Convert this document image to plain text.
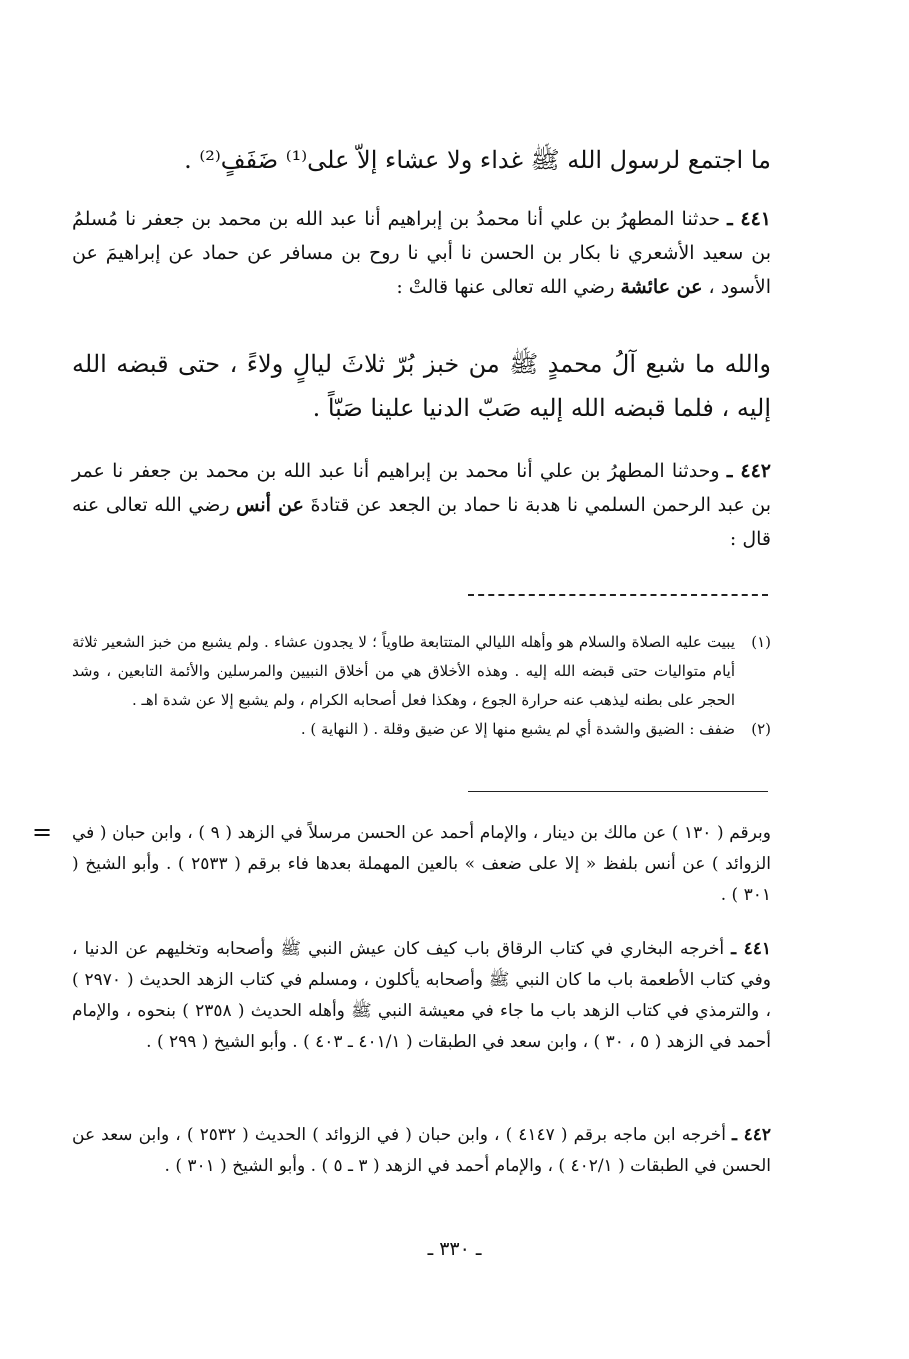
ما اجتمع لرسول الله ﷺ غداء ولا عشاء إلاّ على⁽¹⁾ ضَفَفٍ⁽²⁾ .
٤٤١ ـ حدثنا المطهرُ بن علي أنا محمدُ بن إبراهيم أنا عبد الله بن محمد بن جعفر نا مُسلمُ بن سعيد الأشعري نا بكار بن الحسن نا أبي نا روح بن مسافر عن حماد عن إبراهيمَ عن الأسود ، عن عائشة رضي الله تعالى عنها قالتْ :
والله ما شبع آلُ محمدٍ ﷺ من خبز بُرّ ثلاثَ ليالٍ ولاءً ، حتى قبضه الله إليه ، فلما قبضه الله إليه صَبّ الدنيا علينا صَبّاً .
٤٤٢ ـ وحدثنا المطهرُ بن علي أنا محمد بن إبراهيم أنا عبد الله بن محمد بن جعفر نا عمر بن عبد الرحمن السلمي نا هدبة نا حماد بن الجعد عن قتادةَ عن أنس رضي الله تعالى عنه قال :
(١)
يبيت عليه الصلاة والسلام هو وأهله الليالي المتتابعة طاوياً ؛ لا يجدون عشاء . ولم يشبع من خبز الشعير ثلاثة أيام متواليات حتى قبضه الله إليه . وهذه الأخلاق هي من أخلاق النبيين والمرسلين والأئمة التابعين ، وشد الحجر على بطنه ليذهب عنه حرارة الجوع ، وهكذا فعل أصحابه الكرام ، ولم يشبع إلا عن شدة اهـ .
(٢)
ضفف : الضيق والشدة أي لم يشبع منها إلا عن ضيق وقلة . ( النهاية ) .
= وبرقم ( ١٣٠ ) عن مالك بن دينار ، والإمام أحمد عن الحسن مرسلاً في الزهد ( ٩ ) ، وابن حبان ( في الزوائد ) عن أنس بلفظ « إلا على ضعف » بالعين المهملة بعدها فاء برقم ( ٢٥٣٣ ) . وأبو الشيخ ( ٣٠١ ) .
٤٤١ ـ أخرجه البخاري في كتاب الرقاق باب كيف كان عيش النبي ﷺ وأصحابه وتخليهم عن الدنيا ، وفي كتاب الأطعمة باب ما كان النبي ﷺ وأصحابه يأكلون ، ومسلم في كتاب الزهد الحديث ( ٢٩٧٠ ) ، والترمذي في كتاب الزهد باب ما جاء في معيشة النبي ﷺ وأهله الحديث ( ٢٣٥٨ ) بنحوه ، والإمام أحمد في الزهد ( ٥ ، ٣٠ ) ، وابن سعد في الطبقات ( ٤٠١/١ ـ ٤٠٣ ) . وأبو الشيخ ( ٢٩٩ ) .
٤٤٢ ـ أخرجه ابن ماجه برقم ( ٤١٤٧ ) ، وابن حبان ( في الزوائد ) الحديث ( ٢٥٣٢ ) ، وابن سعد عن الحسن في الطبقات ( ٤٠٢/١ ) ، والإمام أحمد في الزهد ( ٣ ـ ٥ ) . وأبو الشيخ ( ٣٠١ ) .
ـ ٣٣٠ ـ
